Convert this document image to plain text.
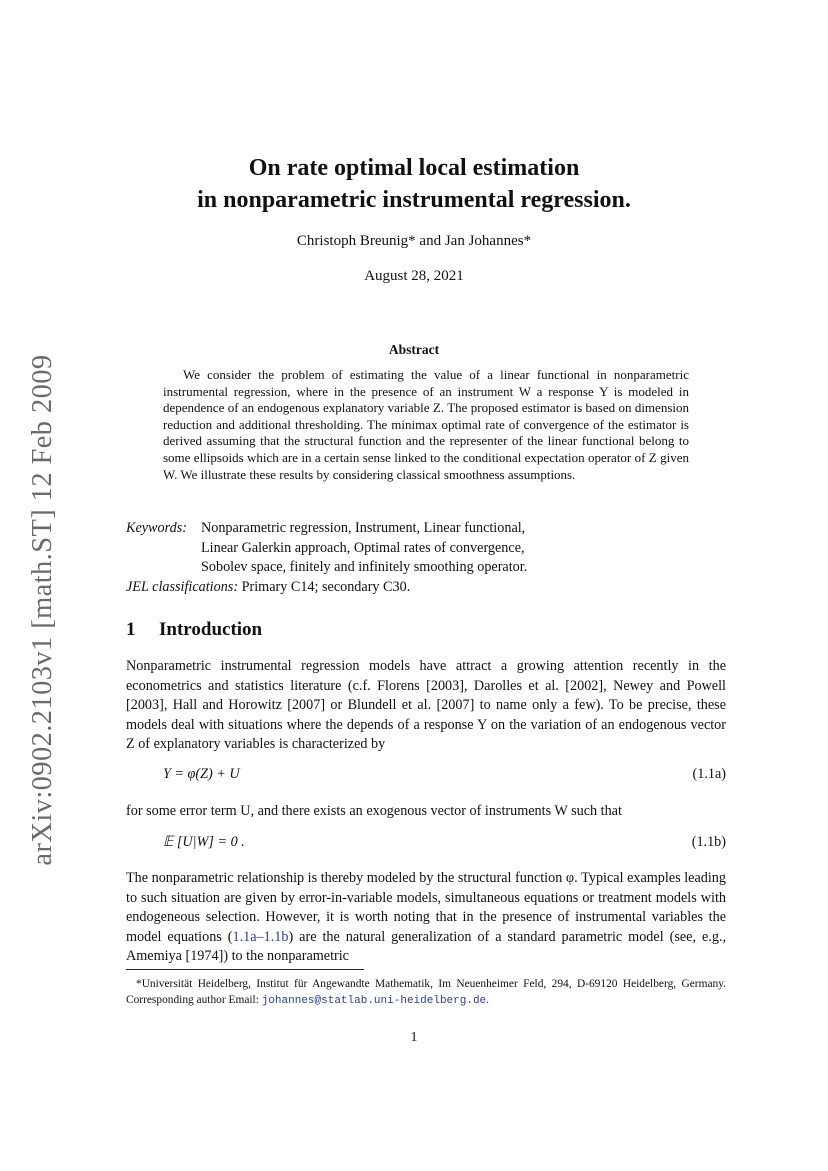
arXiv:0902.2103v1 [math.ST] 12 Feb 2009
On rate optimal local estimation
in nonparametric instrumental regression.
Christoph Breunig* and Jan Johannes*
August 28, 2021
Abstract

We consider the problem of estimating the value of a linear functional in nonparametric instrumental regression, where in the presence of an instrument W a response Y is modeled in dependence of an endogenous explanatory variable Z. The proposed estimator is based on dimension reduction and additional thresholding. The minimax optimal rate of convergence of the estimator is derived assuming that the structural function and the representer of the linear functional belong to some ellipsoids which are in a certain sense linked to the conditional expectation operator of Z given W. We illustrate these results by considering classical smoothness assumptions.

Keywords: Nonparametric regression, Instrument, Linear functional,
Linear Galerkin approach, Optimal rates of convergence,
Sobolev space, finitely and infinitely smoothing operator.
JEL classifications: Primary C14; secondary C30.
1 Introduction

Nonparametric instrumental regression models have attract a growing attention recently in the econometrics and statistics literature (c.f. Florens [2003], Darolles et al. [2002], Newey and Powell [2003], Hall and Horowitz [2007] or Blundell et al. [2007] to name only a few). To be precise, these models deal with situations where the depends of a response Y on the variation of an endogenous vector Z of explanatory variables is characterized by

Y = φ(Z) + U	(1.1a)

for some error term U, and there exists an exogenous vector of instruments W such that

𝔼 [U|W] = 0 .	(1.1b)

The nonparametric relationship is thereby modeled by the structural function φ. Typical examples leading to such situation are given by error-in-variable models, simultaneous equations or treatment models with endogeneous selection. However, it is worth noting that in the presence of instrumental variables the model equations (1.1a–1.1b) are the natural generalization of a standard parametric model (see, e.g., Amemiya [1974]) to the nonparametric

*Universität Heidelberg, Institut für Angewandte Mathematik, Im Neuenheimer Feld, 294, D-69120 Heidelberg, Germany. Corresponding author Email: johannes@statlab.uni-heidelberg.de.

1
